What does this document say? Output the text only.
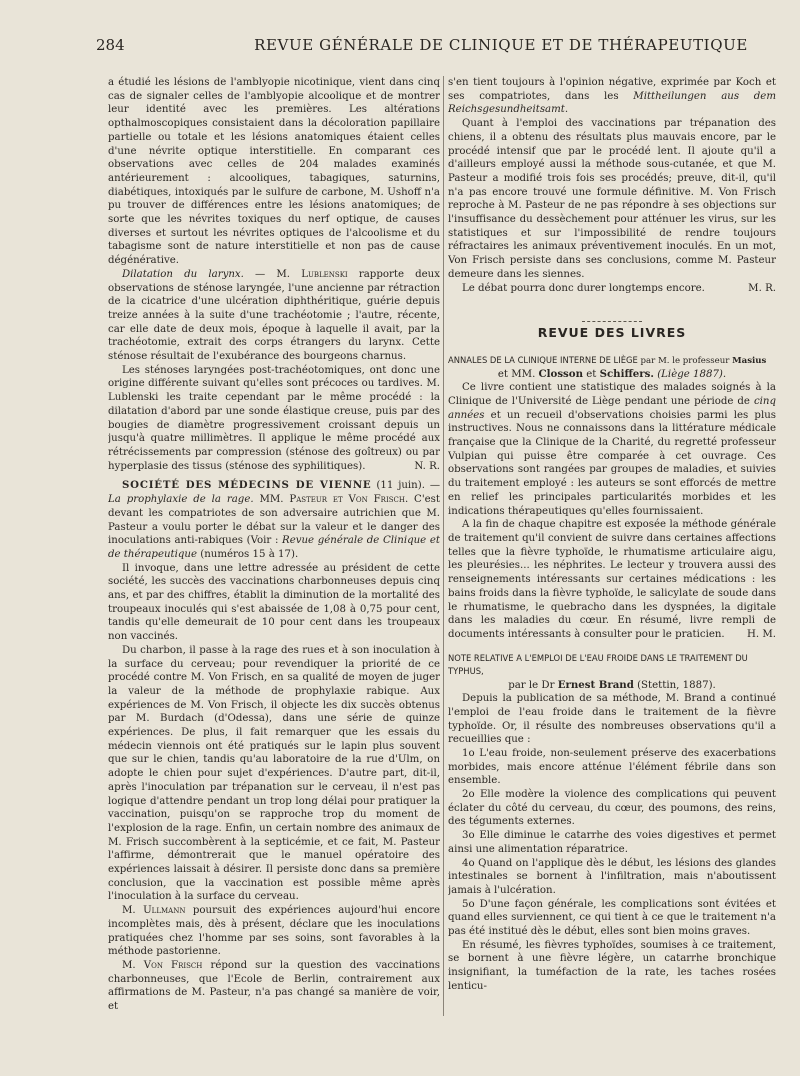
284	REVUE GÉNÉRALE DE CLINIQUE ET DE THÉRAPEUTIQUE

a étudié les lésions de l'amblyopie nicotinique, vient dans cinq cas de signaler celles de l'amblyopie alcoolique et de montrer leur identité avec les premières. Les altérations opthalmoscopiques consistaient dans la décoloration papillaire partielle ou totale et les lésions anatomiques étaient celles d'une névrite optique interstitielle. En comparant ces observations avec celles de 204 malades examinés antérieurement : alcooliques, tabagiques, saturnins, diabétiques, intoxiqués par le sulfure de carbone, M. Ushoff n'a pu trouver de différences entre les lésions anatomiques; de sorte que les névrites toxiques du nerf optique, de causes diverses et surtout les névrites optiques de l'alcoolisme et du tabagisme sont de nature interstitielle et non pas de cause dégénérative.

Dilatation du larynx. — M. Lublenski rapporte deux observations de sténose laryngée, l'une ancienne par rétraction de la cicatrice d'une ulcération diphthéritique, guérie depuis treize années à la suite d'une trachéotomie ; l'autre, récente, car elle date de deux mois, époque à laquelle il avait, par la trachéotomie, extrait des corps étrangers du larynx. Cette sténose résultait de l'exubérance des bourgeons charnus.

Les sténoses laryngées post-trachéotomiques, ont donc une origine différente suivant qu'elles sont précoces ou tardives. M. Lublenski les traite cependant par le même procédé : la dilatation d'abord par une sonde élastique creuse, puis par des bougies de diamètre progressivement croissant depuis un jusqu'à quatre millimètres. Il applique le même procédé aux rétrécissements par compression (sténose des goîtreux) ou par hyperplasie des tissus (sténose des syphilitiques).	N. R.

SOCIÉTÉ DES MÉDECINS DE VIENNE (11 juin). — La prophylaxie de la rage. MM. Pasteur et Von Frisch. C'est devant les compatriotes de son adversaire autrichien que M. Pasteur a voulu porter le débat sur la valeur et le danger des inoculations anti-rabiques (Voir : Revue générale de Clinique et de thérapeutique (numéros 15 à 17).

Il invoque, dans une lettre adressée au président de cette société, les succès des vaccinations charbonneuses depuis cinq ans, et par des chiffres, établit la diminution de la mortalité des troupeaux inoculés qui s'est abaissée de 1,08 à 0,75 pour cent, tandis qu'elle demeurait de 10 pour cent dans les troupeaux non vaccinés.

Du charbon, il passe à la rage des rues et à son inoculation à la surface du cerveau; pour revendiquer la priorité de ce procédé contre M. Von Frisch, en sa qualité de moyen de juger la valeur de la méthode de prophylaxie rabique. Aux expériences de M. Von Frisch, il objecte les dix succès obtenus par M. Burdach (d'Odessa), dans une série de quinze expériences. De plus, il fait remarquer que les essais du médecin viennois ont été pratiqués sur le lapin plus souvent que sur le chien, tandis qu'au laboratoire de la rue d'Ulm, on adopte le chien pour sujet d'expériences. D'autre part, dit-il, après l'inoculation par trépanation sur le cerveau, il n'est pas logique d'attendre pendant un trop long délai pour pratiquer la vaccination, puisqu'on se rapproche trop du moment de l'explosion de la rage. Enfin, un certain nombre des animaux de M. Frisch succombèrent à la septicémie, et ce fait, M. Pasteur l'affirme, démontrerait que le manuel opératoire des expériences laissait à désirer. Il persiste donc dans sa première conclusion, que la vaccination est possible même après l'inoculation à la surface du cerveau.

M. Ullmann poursuit des expériences aujourd'hui encore incomplètes mais, dès à présent, déclare que les inoculations pratiquées chez l'homme par ses soins, sont favorables à la méthode pastorienne.

M. Von Frisch répond sur la question des vaccinations charbonneuses, que l'Ecole de Berlin, contrairement aux affirmations de M. Pasteur, n'a pas changé sa manière de voir, et

s'en tient toujours à l'opinion négative, exprimée par Koch et ses compatriotes, dans les Mittheilungen aus dem Reichsgesundheitsamt.

Quant à l'emploi des vaccinations par trépanation des chiens, il a obtenu des résultats plus mauvais encore, par le procédé intensif que par le procédé lent. Il ajoute qu'il a d'ailleurs employé aussi la méthode sous-cutanée, et que M. Pasteur a modifié trois fois ses procédés; preuve, dit-il, qu'il n'a pas encore trouvé une formule définitive. M. Von Frisch reproche à M. Pasteur de ne pas répondre à ses objections sur l'insuffisance du dessèchement pour atténuer les virus, sur les statistiques et sur l'impossibilité de rendre toujours réfractaires les animaux préventivement inoculés. En un mot, Von Frisch persiste dans ses conclusions, comme M. Pasteur demeure dans les siennes.

Le débat pourra donc durer longtemps encore.	M. R.

REVUE DES LIVRES
ANNALES DE LA CLINIQUE INTERNE DE LIÈGE par M. le professeur Masius
et MM. Closson et Schiffers. (Liège 1887).

Ce livre contient une statistique des malades soignés à la Clinique de l'Université de Liège pendant une période de cinq années et un recueil d'observations choisies parmi les plus instructives. Nous ne connaissons dans la littérature médicale française que la Clinique de la Charité, du regretté professeur Vulpian qui puisse être comparée à cet ouvrage. Ces observations sont rangées par groupes de maladies, et suivies du traitement employé : les auteurs se sont efforcés de mettre en relief les principales particularités morbides et les indications thérapeutiques qu'elles fournissaient.

A la fin de chaque chapitre est exposée la méthode générale de traitement qu'il convient de suivre dans certaines affections telles que la fièvre typhoïde, le rhumatisme articulaire aigu, les pleurésies... les néphrites. Le lecteur y trouvera aussi des renseignements intéressants sur certaines médications : les bains froids dans la fièvre typhoïde, le salicylate de soude dans le rhumatisme, le quebracho dans les dyspnées, la digitale dans les maladies du cœur. En résumé, livre rempli de documents intéressants à consulter pour le praticien.	H. M.

NOTE RELATIVE A L'EMPLOI DE L'EAU FROIDE DANS LE TRAITEMENT DU TYPHUS,
par le Dr Ernest Brand (Stettin, 1887).

Depuis la publication de sa méthode, M. Brand a continué l'emploi de l'eau froide dans le traitement de la fièvre typhoïde. Or, il résulte des nombreuses observations qu'il a recueillies que :

1o L'eau froide, non-seulement préserve des exacerbations morbides, mais encore atténue l'élément fébrile dans son ensemble.

2o Elle modère la violence des complications qui peuvent éclater du côté du cerveau, du cœur, des poumons, des reins, des téguments externes.

3o Elle diminue le catarrhe des voies digestives et permet ainsi une alimentation réparatrice.

4o Quand on l'applique dès le début, les lésions des glandes intestinales se bornent à l'infiltration, mais n'aboutissent jamais à l'ulcération.

5o D'une façon générale, les complications sont évitées et quand elles surviennent, ce qui tient à ce que le traitement n'a pas été institué dès le début, elles sont bien moins graves.

En résumé, les fièvres typhoïdes, soumises à ce traitement, se bornent à une fièvre légère, un catarrhe bronchique insignifiant, la tuméfaction de la rate, les taches rosées lenticu-
